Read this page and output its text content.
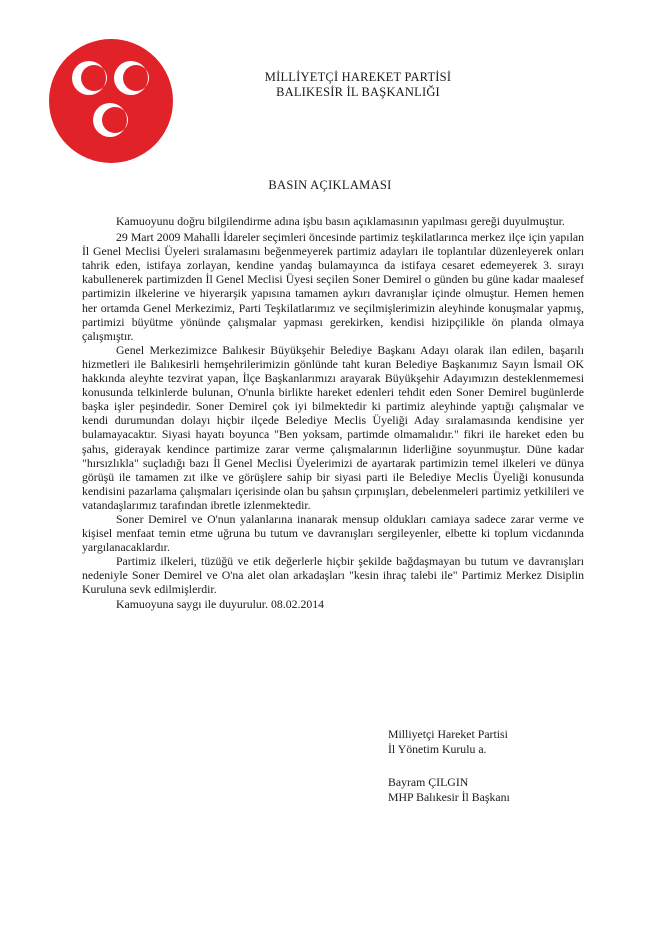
MİLLİYETÇİ HAREKET PARTİSİ
BALIKESİR İL BAŞKANLIĞI
BASIN AÇIKLAMASI

Kamuoyunu doğru bilgilendirme adına işbu basın açıklamasının yapılması gereği duyulmuştur.

29 Mart 2009 Mahalli İdareler seçimleri öncesinde partimiz teşkilatlarınca merkez ilçe için yapılan İl Genel Meclisi Üyeleri sıralamasını beğenmeyerek partimiz adayları ile toplantılar düzenleyerek onları tahrik eden, istifaya zorlayan, kendine yandaş bulamayınca da istifaya cesaret edemeyerek 3. sırayı kabullenerek partimizden İl Genel Meclisi Üyesi seçilen Soner Demirel o günden bu güne kadar maalesef partimizin ilkelerine ve hiyerarşik yapısına tamamen aykırı davranışlar içinde olmuştur. Hemen hemen her ortamda Genel Merkezimiz, Parti Teşkilatlarımız ve seçilmişlerimizin aleyhinde konuşmalar yapmış, partimizi büyütme yönünde çalışmalar yapması gerekirken, kendisi hizipçilikle ön planda olmaya çalışmıştır.

Genel Merkezimizce Balıkesir Büyükşehir Belediye Başkanı Adayı olarak ilan edilen, başarılı hizmetleri ile Balıkesirli hemşehrilerimizin gönlünde taht kuran Belediye Başkanımız Sayın İsmail OK hakkında aleyhte tezvirat yapan, İlçe Başkanlarımızı arayarak Büyükşehir Adayımızın desteklenmemesi konusunda telkinlerde bulunan, O'nunla birlikte hareket edenleri tehdit eden Soner Demirel bugünlerde başka işler peşindedir. Soner Demirel çok iyi bilmektedir ki partimiz aleyhinde yaptığı çalışmalar ve kendi durumundan dolayı hiçbir ilçede Belediye Meclis Üyeliği Aday sıralamasında kendisine yer bulamayacaktır. Siyasi hayatı boyunca "Ben yoksam, partimde olmamalıdır." fikri ile hareket eden bu şahıs, giderayak kendince partimize zarar verme çalışmalarının liderliğine soyunmuştur. Düne kadar "hırsızlıkla" suçladığı bazı İl Genel Meclisi Üyelerimizi de ayartarak partimizin temel ilkeleri ve dünya görüşü ile tamamen zıt ilke ve görüşlere sahip bir siyasi parti ile Belediye Meclis Üyeliği konusunda kendisini pazarlama çalışmaları içerisinde olan bu şahsın çırpınışları, debelenmeleri partimiz yetkilileri ve vatandaşlarımız tarafından ibretle izlenmektedir.

Soner Demirel ve O'nun yalanlarına inanarak mensup oldukları camiaya sadece zarar verme ve kişisel menfaat temin etme uğruna bu tutum ve davranışları sergileyenler, elbette ki toplum vicdanında yargılanacaklardır.

Partimiz ilkeleri, tüzüğü ve etik değerlerle hiçbir şekilde bağdaşmayan bu tutum ve davranışları nedeniyle Soner Demirel ve O'na alet olan arkadaşları "kesin ihraç talebi ile" Partimiz Merkez Disiplin Kuruluna sevk edilmişlerdir.

Kamuoyuna saygı ile duyurulur. 08.02.2014

Milliyetçi Hareket Partisi
İl Yönetim Kurulu a.
Bayram ÇILGIN
MHP Balıkesir İl Başkanı
